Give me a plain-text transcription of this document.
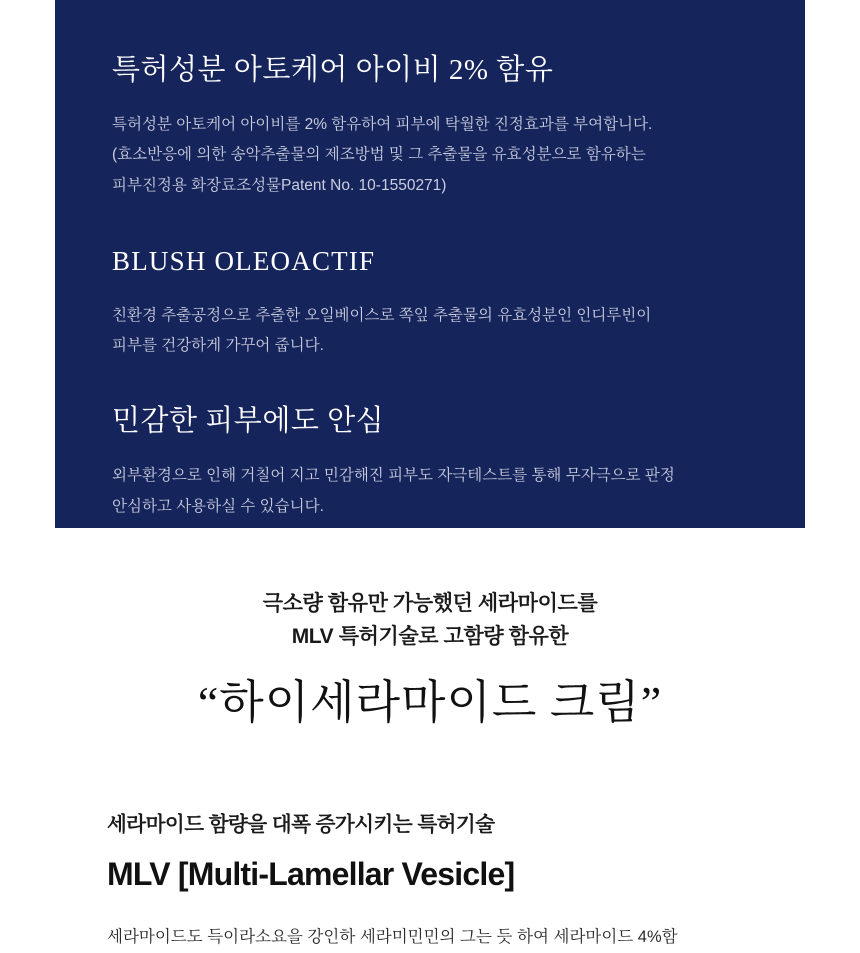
특허성분 아토케어 아이비 2% 함유

특허성분 아토케어 아이비를 2% 함유하여 피부에 탁월한 진정효과를 부여합니다.
(효소반응에 의한 송악추출물의 제조방법 및 그 추출물을 유효성분으로 함유하는
피부진정용 화장료조성물Patent No. 10-1550271)

BLUSH OLEOACTIF

친환경 추출공정으로 추출한 오일베이스로 쪽잎 추출물의 유효성분인 인디루빈이
피부를 건강하게 가꾸어 줍니다.

민감한 피부에도 안심

외부환경으로 인해 거칠어 지고 민감해진 피부도 자극테스트를 통해 무자극으로 판정
안심하고 사용하실 수 있습니다.

극소량 함유만 가능했던 세라마이드를
MLV 특허기술로 고함량 함유한
“하이세라마이드 크림”
세라마이드 함량을 대폭 증가시키는 특허기술
MLV [Multi-Lamellar Vesicle]

세라마이드도 득이라소요을 강인하 세라미민민의 그는 듯 하여 세라마이드 4%함
